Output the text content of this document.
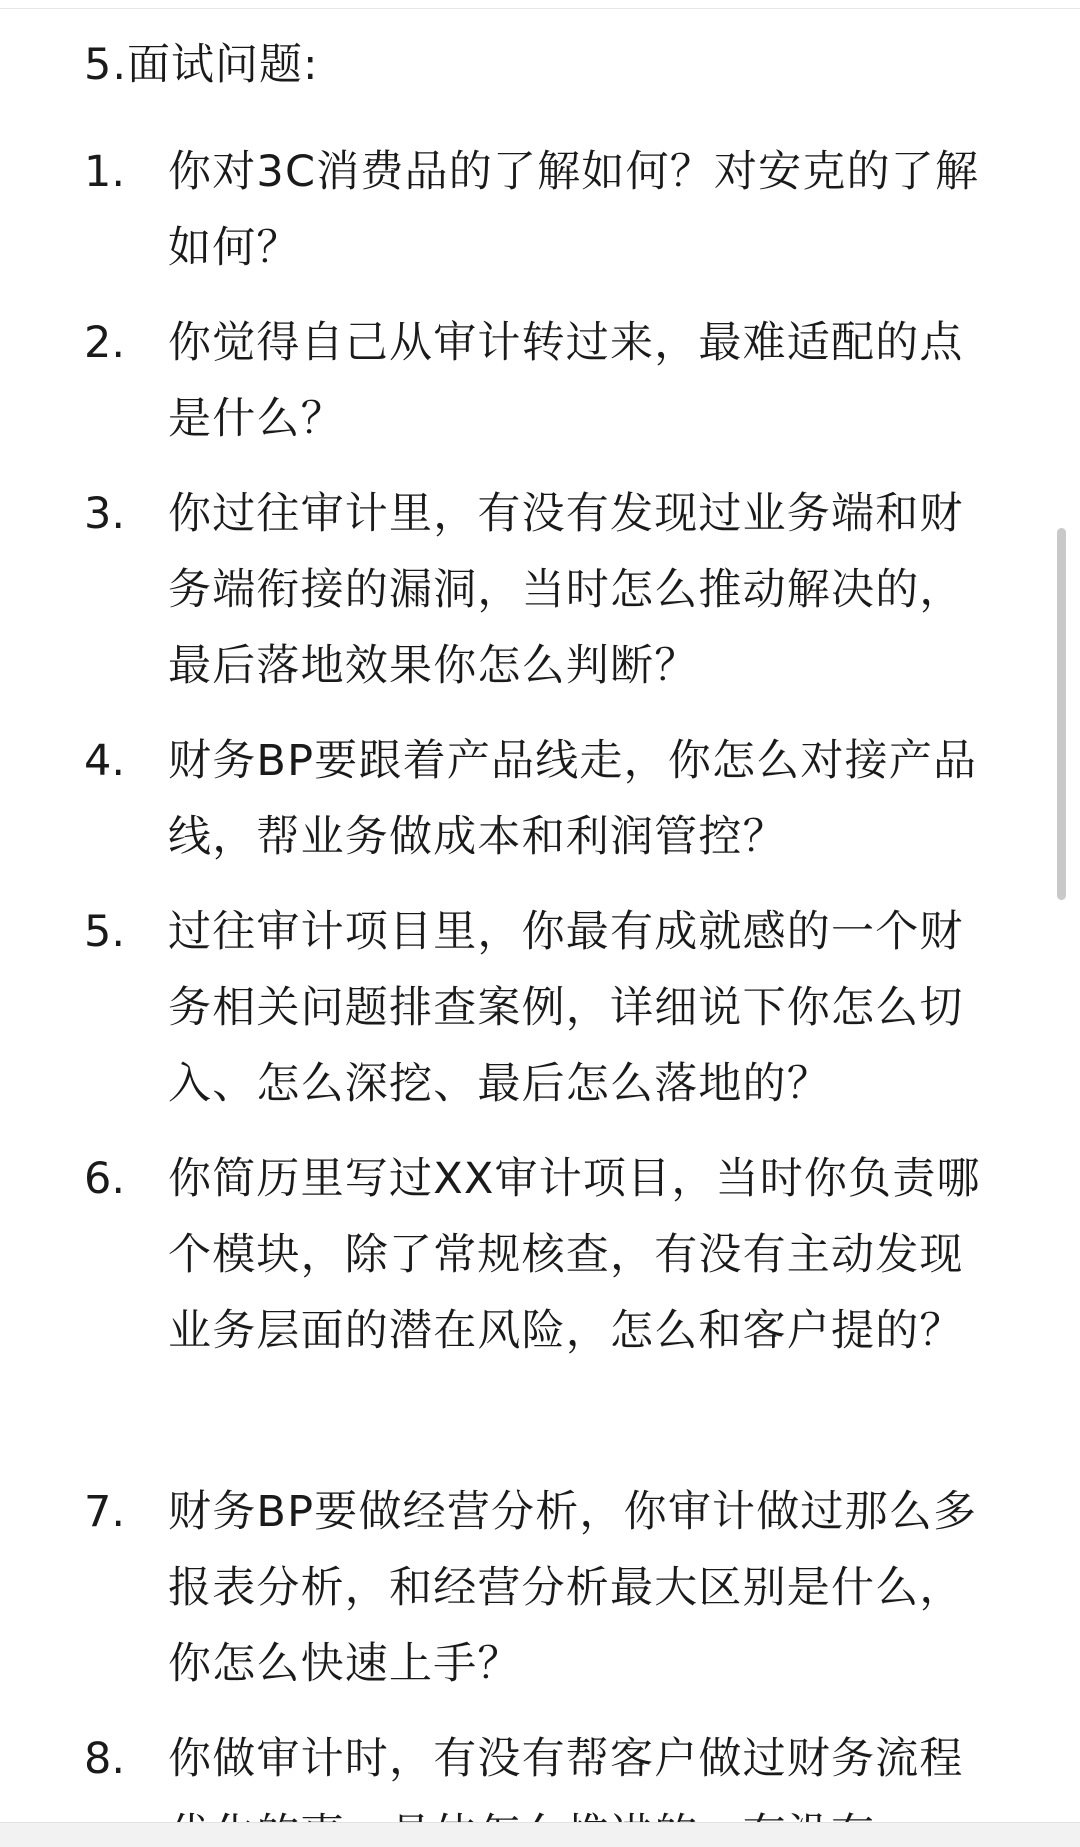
5.面试问题:
1. 你对3C消费品的了解如何？对安克的了解如何？
2. 你觉得自己从审计转过来，最难适配的点是什么？
3. 你过往审计里，有没有发现过业务端和财务端衔接的漏洞，当时怎么推动解决的，最后落地效果你怎么判断？
4. 财务BP要跟着产品线走，你怎么对接产品线，帮业务做成本和利润管控？
5. 过往审计项目里，你最有成就感的一个财务相关问题排查案例，详细说下你怎么切入、怎么深挖、最后怎么落地的？
6. 你简历里写过XX审计项目，当时你负责哪个模块，除了常规核查，有没有主动发现业务层面的潜在风险，怎么和客户提的？
7. 财务BP要做经营分析，你审计做过那么多报表分析，和经营分析最大区别是什么，你怎么快速上手？
8. 你做审计时，有没有帮客户做过财务流程
